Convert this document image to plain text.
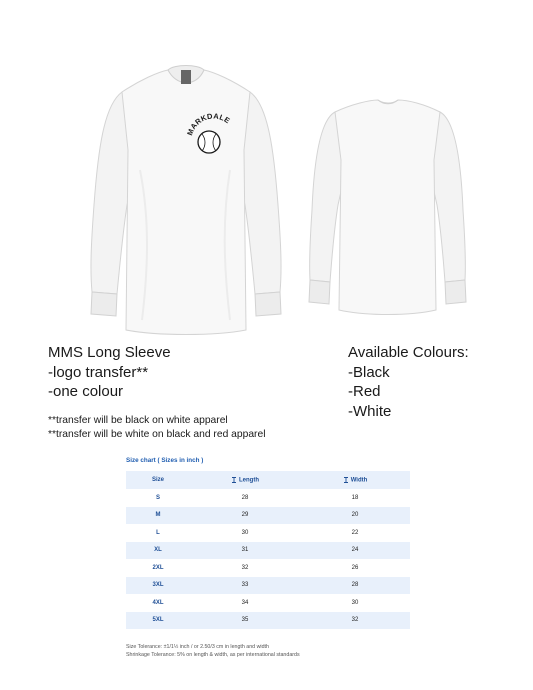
MARKDALE
MMS Long Sleeve
-logo transfer**
-one colour
**transfer will be black on white apparel
**transfer will be white on black and red apparel
Available Colours:
-Black
-Red
-White
Size chart ( Sizes in inch )
Size	Length	Width
S	28	18
M	29	20
L	30	22
XL	31	24
2XL	32	26
3XL	33	28
4XL	34	30
5XL	35	32
Size Tolerance: ±1/1½ inch / or 2.50/3 cm in length and width
Shrinkage Tolerance: 5% on length & width, as per international standards
